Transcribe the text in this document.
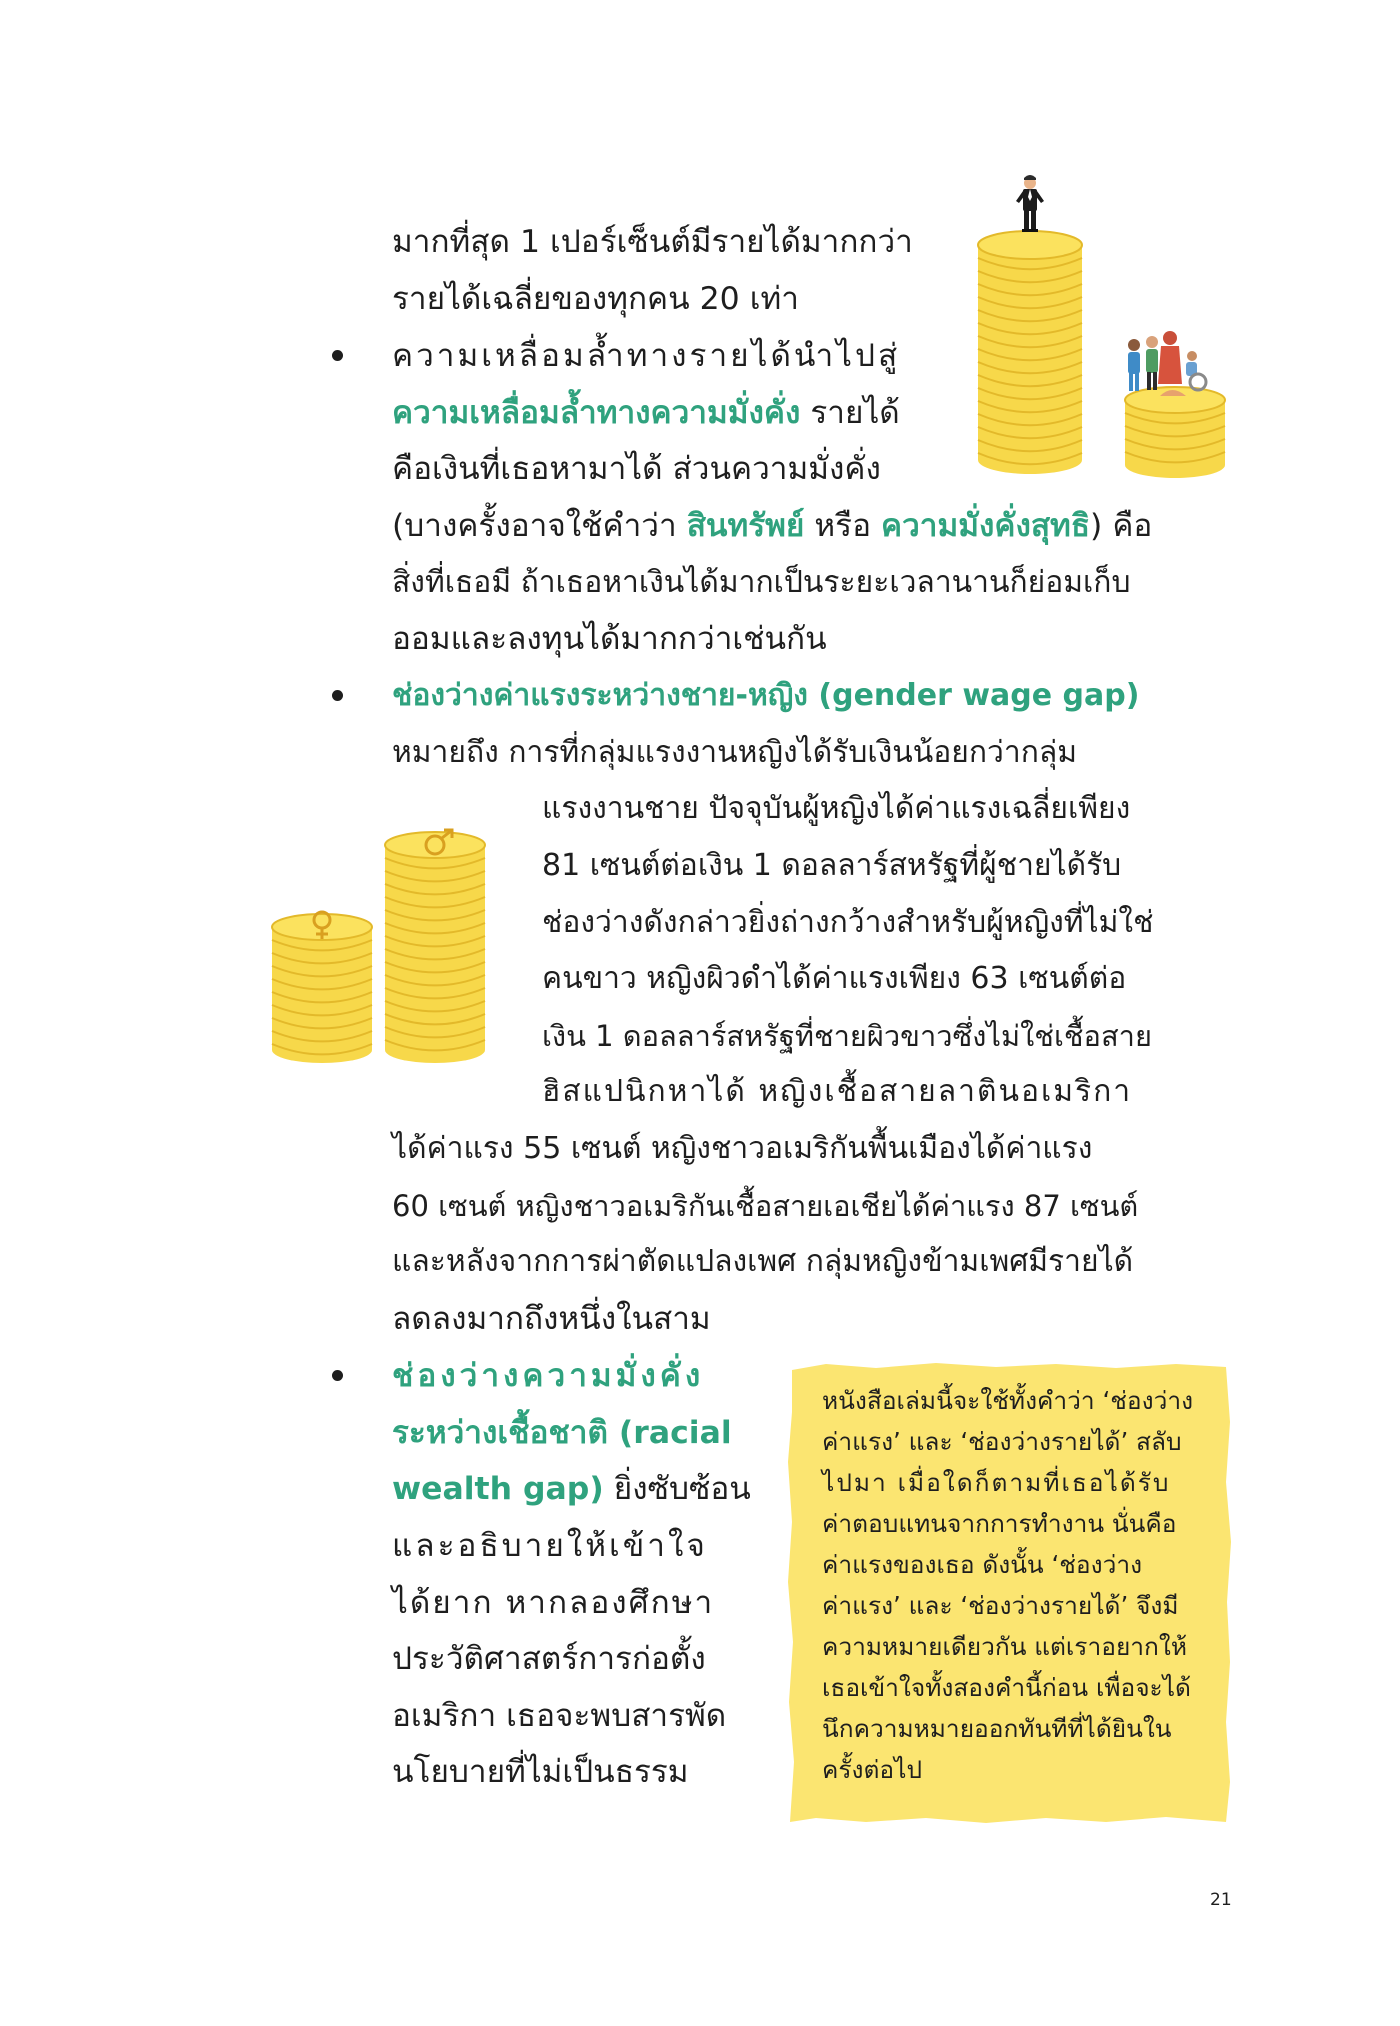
มากที่สุด 1 เปอร์เซ็นต์มีรายได้มากกว่า
รายได้เฉลี่ยของทุกคน 20 เท่า
ความเหลื่อมล้ำทางรายได้นำไปสู่
ความเหลื่อมล้ำทางความมั่งคั่ง รายได้
คือเงินที่เธอหามาได้ ส่วนความมั่งคั่ง
(บางครั้งอาจใช้คำว่า สินทรัพย์ หรือ ความมั่งคั่งสุทธิ) คือ
สิ่งที่เธอมี ถ้าเธอหาเงินได้มากเป็นระยะเวลานานก็ย่อมเก็บ
ออมและลงทุนได้มากกว่าเช่นกัน
ช่องว่างค่าแรงระหว่างชาย-หญิง (gender wage gap)
หมายถึง การที่กลุ่มแรงงานหญิงได้รับเงินน้อยกว่ากลุ่ม
แรงงานชาย ปัจจุบันผู้หญิงได้ค่าแรงเฉลี่ยเพียง
81 เซนต์ต่อเงิน 1 ดอลลาร์สหรัฐที่ผู้ชายได้รับ
ช่องว่างดังกล่าวยิ่งถ่างกว้างสำหรับผู้หญิงที่ไม่ใช่
คนขาว หญิงผิวดำได้ค่าแรงเพียง 63 เซนต์ต่อ
เงิน 1 ดอลลาร์สหรัฐที่ชายผิวขาวซึ่งไม่ใช่เชื้อสาย
ฮิสแปนิกหาได้ หญิงเชื้อสายลาตินอเมริกา
ได้ค่าแรง 55 เซนต์ หญิงชาวอเมริกันพื้นเมืองได้ค่าแรง
60 เซนต์ หญิงชาวอเมริกันเชื้อสายเอเชียได้ค่าแรง 87 เซนต์
และหลังจากการผ่าตัดแปลงเพศ กลุ่มหญิงข้ามเพศมีรายได้
ลดลงมากถึงหนึ่งในสาม
ช่องว่างความมั่งคั่ง
ระหว่างเชื้อชาติ (racial
wealth gap) ยิ่งซับซ้อน
และอธิบายให้เข้าใจ
ได้ยาก หากลองศึกษา
ประวัติศาสตร์การก่อตั้ง
อเมริกา เธอจะพบสารพัด
นโยบายที่ไม่เป็นธรรม
หนังสือเล่มนี้จะใช้ทั้งคำว่า ‘ช่องว่าง
ค่าแรง’ และ ‘ช่องว่างรายได้’ สลับ
ไปมา เมื่อใดก็ตามที่เธอได้รับ
ค่าตอบแทนจากการทำงาน นั่นคือ
ค่าแรงของเธอ ดังนั้น ‘ช่องว่าง
ค่าแรง’ และ ‘ช่องว่างรายได้’ จึงมี
ความหมายเดียวกัน แต่เราอยากให้
เธอเข้าใจทั้งสองคำนี้ก่อน เพื่อจะได้
นึกความหมายออกทันทีที่ได้ยินใน
ครั้งต่อไป
21
